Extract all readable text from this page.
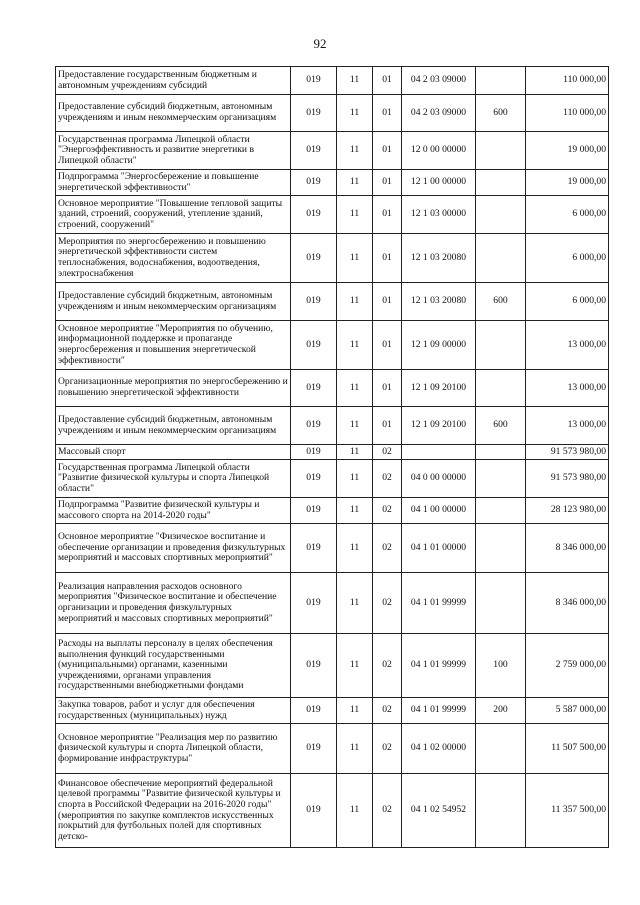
92
Предоставление государственным бюджетным и автономным учреждениям субсидий	019	11	01	04 2 03 09000		110 000,00
Предоставление субсидий бюджетным, автономным учреждениям и иным некоммерческим организациям	019	11	01	04 2 03 09000	600	110 000,00
Государственная программа Липецкой области "Энергоэффективность и развитие энергетики в Липецкой области"	019	11	01	12 0 00 00000		19 000,00
Подпрограмма "Энергосбережение и повышение энергетической эффективности"	019	11	01	12 1 00 00000		19 000,00
Основное мероприятие "Повышение тепловой защиты зданий, строений, сооружений, утепление зданий, строений, сооружений"	019	11	01	12 1 03 00000		6 000,00
Мероприятия по энергосбережению и повышению энергетической эффективности систем теплоснабжения, водоснабжения, водоотведения, электроснабжения	019	11	01	12 1 03 20080		6 000,00
Предоставление субсидий бюджетным, автономным учреждениям и иным некоммерческим организациям	019	11	01	12 1 03 20080	600	6 000,00
Основное мероприятие "Мероприятия по обучению, информационной поддержке и пропаганде энергосбережения и повышения энергетической эффективности"	019	11	01	12 1 09 00000		13 000,00
Организационные мероприятия по энергосбережению и повышению энергетической эффективности	019	11	01	12 1 09 20100		13 000,00
Предоставление субсидий бюджетным, автономным учреждениям и иным некоммерческим организациям	019	11	01	12 1 09 20100	600	13 000,00
Массовый спорт	019	11	02			91 573 980,00
Государственная программа Липецкой области "Развитие физической культуры и спорта Липецкой области"	019	11	02	04 0 00 00000		91 573 980,00
Подпрограмма "Развитие физической культуры и массового спорта на 2014-2020 годы"	019	11	02	04 1 00 00000		28 123 980,00
Основное мероприятие "Физическое воспитание и обеспечение организации и проведения физкультурных мероприятий и массовых спортивных мероприятий"	019	11	02	04 1 01 00000		8 346 000,00
Реализация направления расходов основного мероприятия "Физическое воспитание и обеспечение организации и проведения физкультурных мероприятий и массовых спортивных мероприятий"	019	11	02	04 1 01 99999		8 346 000,00
Расходы на выплаты персоналу в целях обеспечения выполнения функций государственными (муниципальными) органами, казенными учреждениями, органами управления государственными внебюджетными фондами	019	11	02	04 1 01 99999	100	2 759 000,00
Закупка товаров, работ и услуг для обеспечения государственных (муниципальных) нужд	019	11	02	04 1 01 99999	200	5 587 000,00
Основное мероприятие "Реализация мер по развитию физической культуры и спорта Липецкой области, формирование инфраструктуры"	019	11	02	04 1 02 00000		11 507 500,00
Финансовое обеспечение мероприятий федеральной целевой программы "Развитие физической культуры и спорта в Российской Федерации на 2016-2020 годы" (мероприятия по закупке комплектов искусственных покрытий для футбольных полей для спортивных детско-	019	11	02	04 1 02 54952		11 357 500,00
